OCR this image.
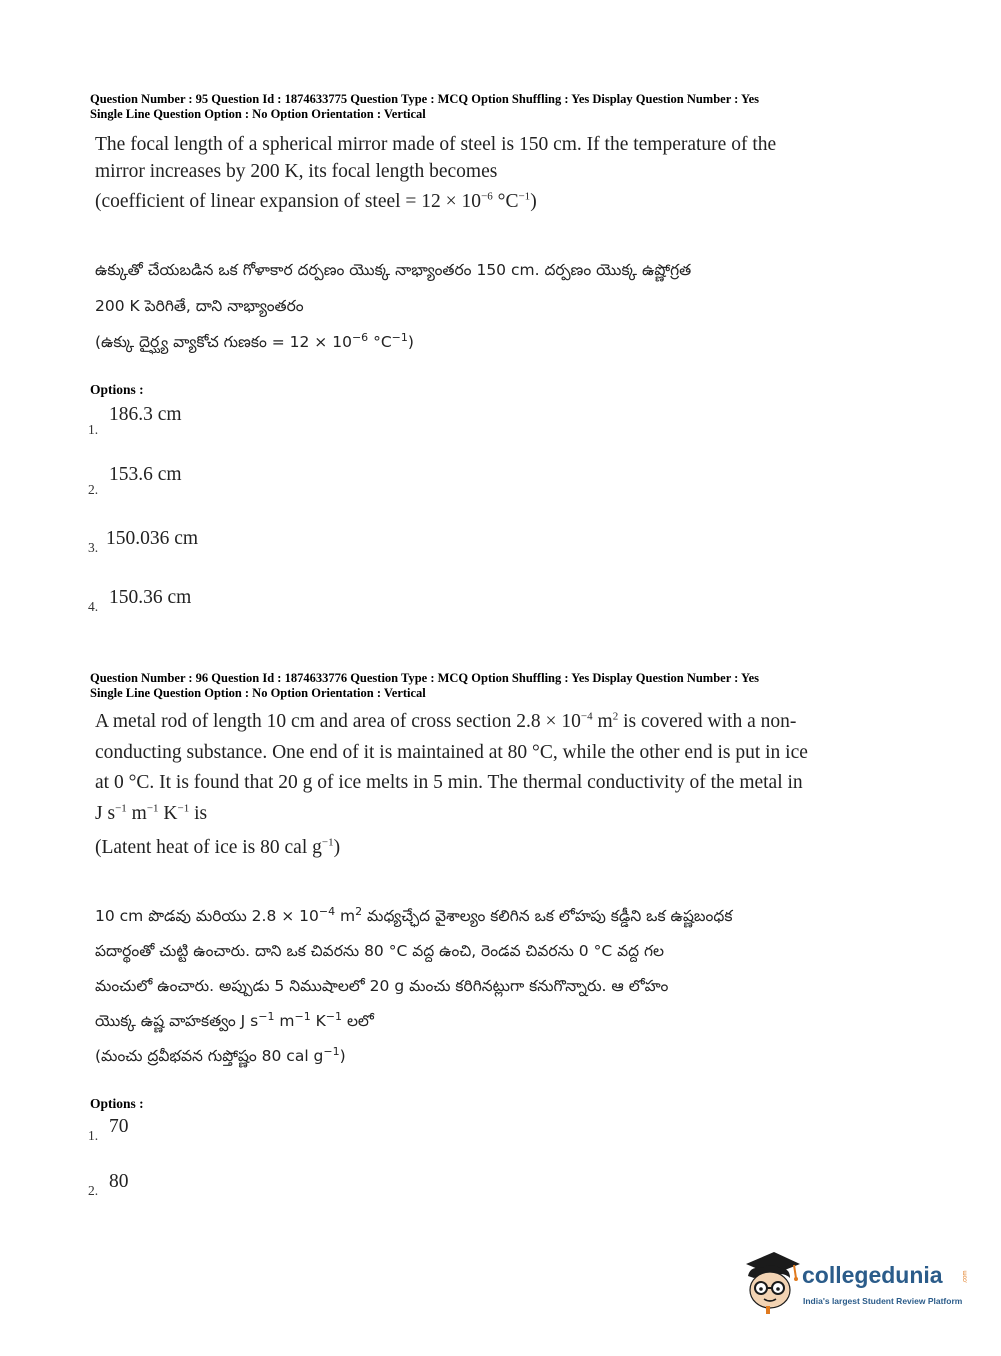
Question Number : 95 Question Id : 1874633775 Question Type : MCQ Option Shuffling : Yes Display Question Number : Yes
Single Line Question Option : No Option Orientation : Vertical
The focal length of a spherical mirror made of steel is 150 cm. If the temperature of the
mirror increases by 200 K, its focal length becomes
(coefficient of linear expansion of steel = $12 \times 10^{-6}$ $^\circ C^{-1}$)
ఉక్కుతో చేయబడిన ఒక గోళాకార దర్పణం యొక్క నాభ్యాంతరం 150 cm. దర్పణం యొక్క ఉష్ణోగ్రత
200 K పెరిగితే, దాని నాభ్యాంతరం
(ఉక్కు దైర్ఘ్య వ్యాకోచ గుణకం = $12 \times 10^{-6}$ $^\circ C^{-1}$)
Options :
1.
186.3 cm
2.
153.6 cm
3. 150.036 cm
4. 150.36 cm
Question Number : 96 Question Id : 1874633776 Question Type : MCQ Option Shuffling : Yes Display Question Number : Yes
Single Line Question Option : No Option Orientation : Vertical
A metal rod of length 10 cm and area of cross section $2.8 \times 10^{-4}$ $m^2$ is covered with a non-
conducting substance. One end of it is maintained at 80 °C, while the other end is put in ice
at 0 °C. It is found that 20 g of ice melts in 5 min. The thermal conductivity of the metal in
J $s^{-1}$ $m^{-1}$ $K^{-1}$ is
(Latent heat of ice is 80 cal $g^{-1}$)
10 cm పొడవు మరియు $2.8 \times 10^{-4}$ $m^2$ మధ్యచ్ఛేద వైశాల్యం కలిగిన ఒక లోహపు కడ్డీని ఒక ఉష్ణబంధక
పదార్థంతో చుట్టి ఉంచారు. దాని ఒక చివరను 80 °C వద్ద ఉంచి, రెండవ చివరను 0 °C వద్ద గల
మంచులో ఉంచారు. అప్పుడు 5 నిముషాలలో 20 g మంచు కరిగినట్లుగా కనుగొన్నారు. ఆ లోహం
యొక్క ఉష్ణ వాహకత్వం J $s^{-1}$ $m^{-1}$ $K^{-1}$ లలో
(మంచు ద్రవీభవన గుప్తోష్ణం 80 cal $g^{-1}$)
Options :
1. 70
2. 80
collegedunia	.com
India's largest Student Review Platform
